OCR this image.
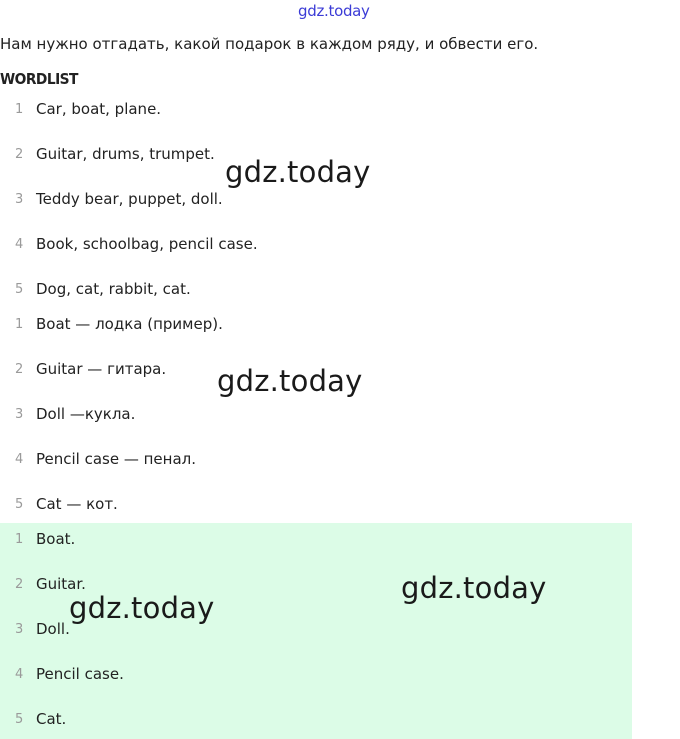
gdz.today
Нам нужно отгадать, какой подарок в каждом ряду, и обвести его.
WORDLIST
1 Car, boat, plane.
2 Guitar, drums, trumpet.
3 Teddy bear, puppet, doll.
4 Book, schoolbag, pencil case.
5 Dog, cat, rabbit, cat.
1 Boat — лодка (пример).
2 Guitar — гитара.
3 Doll —кукла.
4 Pencil case — пенал.
5 Cat — кот.
1 Boat.
2 Guitar.
3 Doll.
4 Pencil case.
5 Cat.
gdz.today
gdz.today
gdz.today
gdz.today
